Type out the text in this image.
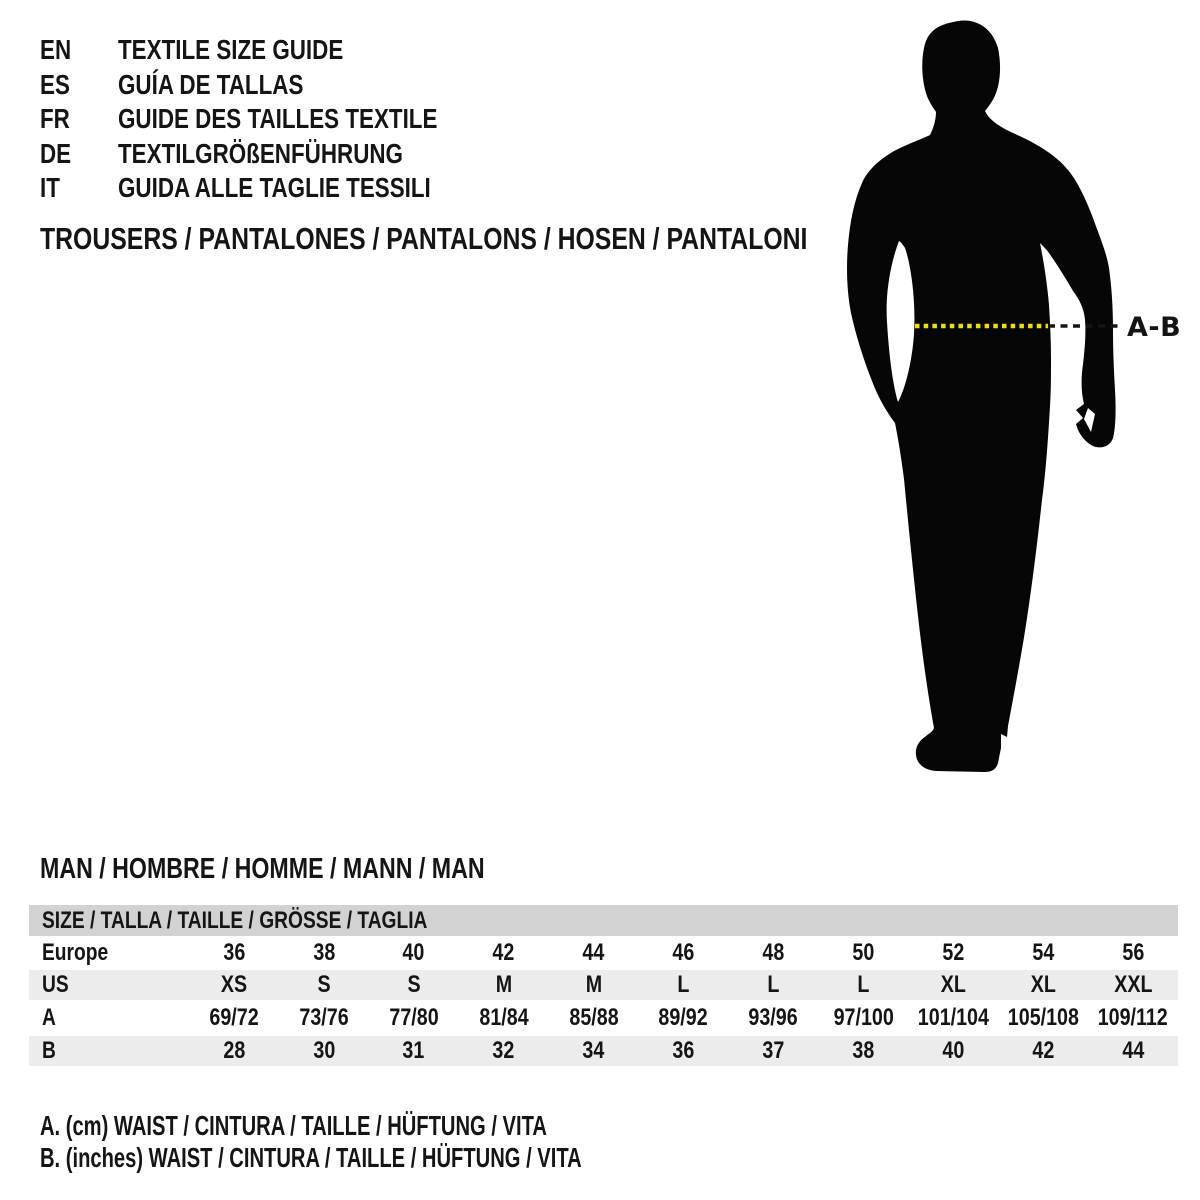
EN	TEXTILE SIZE GUIDE
ES	GUÍA DE TALLAS
FR	GUIDE DES TAILLES TEXTILE
DE	TEXTILGRÖßENFÜHRUNG
IT	GUIDA ALLE TAGLIE TESSILI
TROUSERS / PANTALONES / PANTALONS / HOSEN / PANTALONI
A-B
MAN / HOMBRE / HOMME / MANN / MAN
SIZE / TALLA / TAILLE / GRÖSSE / TAGLIA
Europe	36	38	40	42	44	46	48	50	52	54	56
US	XS	S	S	M	M	L	L	L	XL	XL	XXL
A	69/72	73/76	77/80	81/84	85/88	89/92	93/96	97/100	101/104 105/108 109/112
B	28	30	31	32	34	36	37	38	40	42	44
A. (cm) WAIST / CINTURA / TAILLE / HÜFTUNG / VITA
B. (inches) WAIST / CINTURA / TAILLE / HÜFTUNG / VITA
